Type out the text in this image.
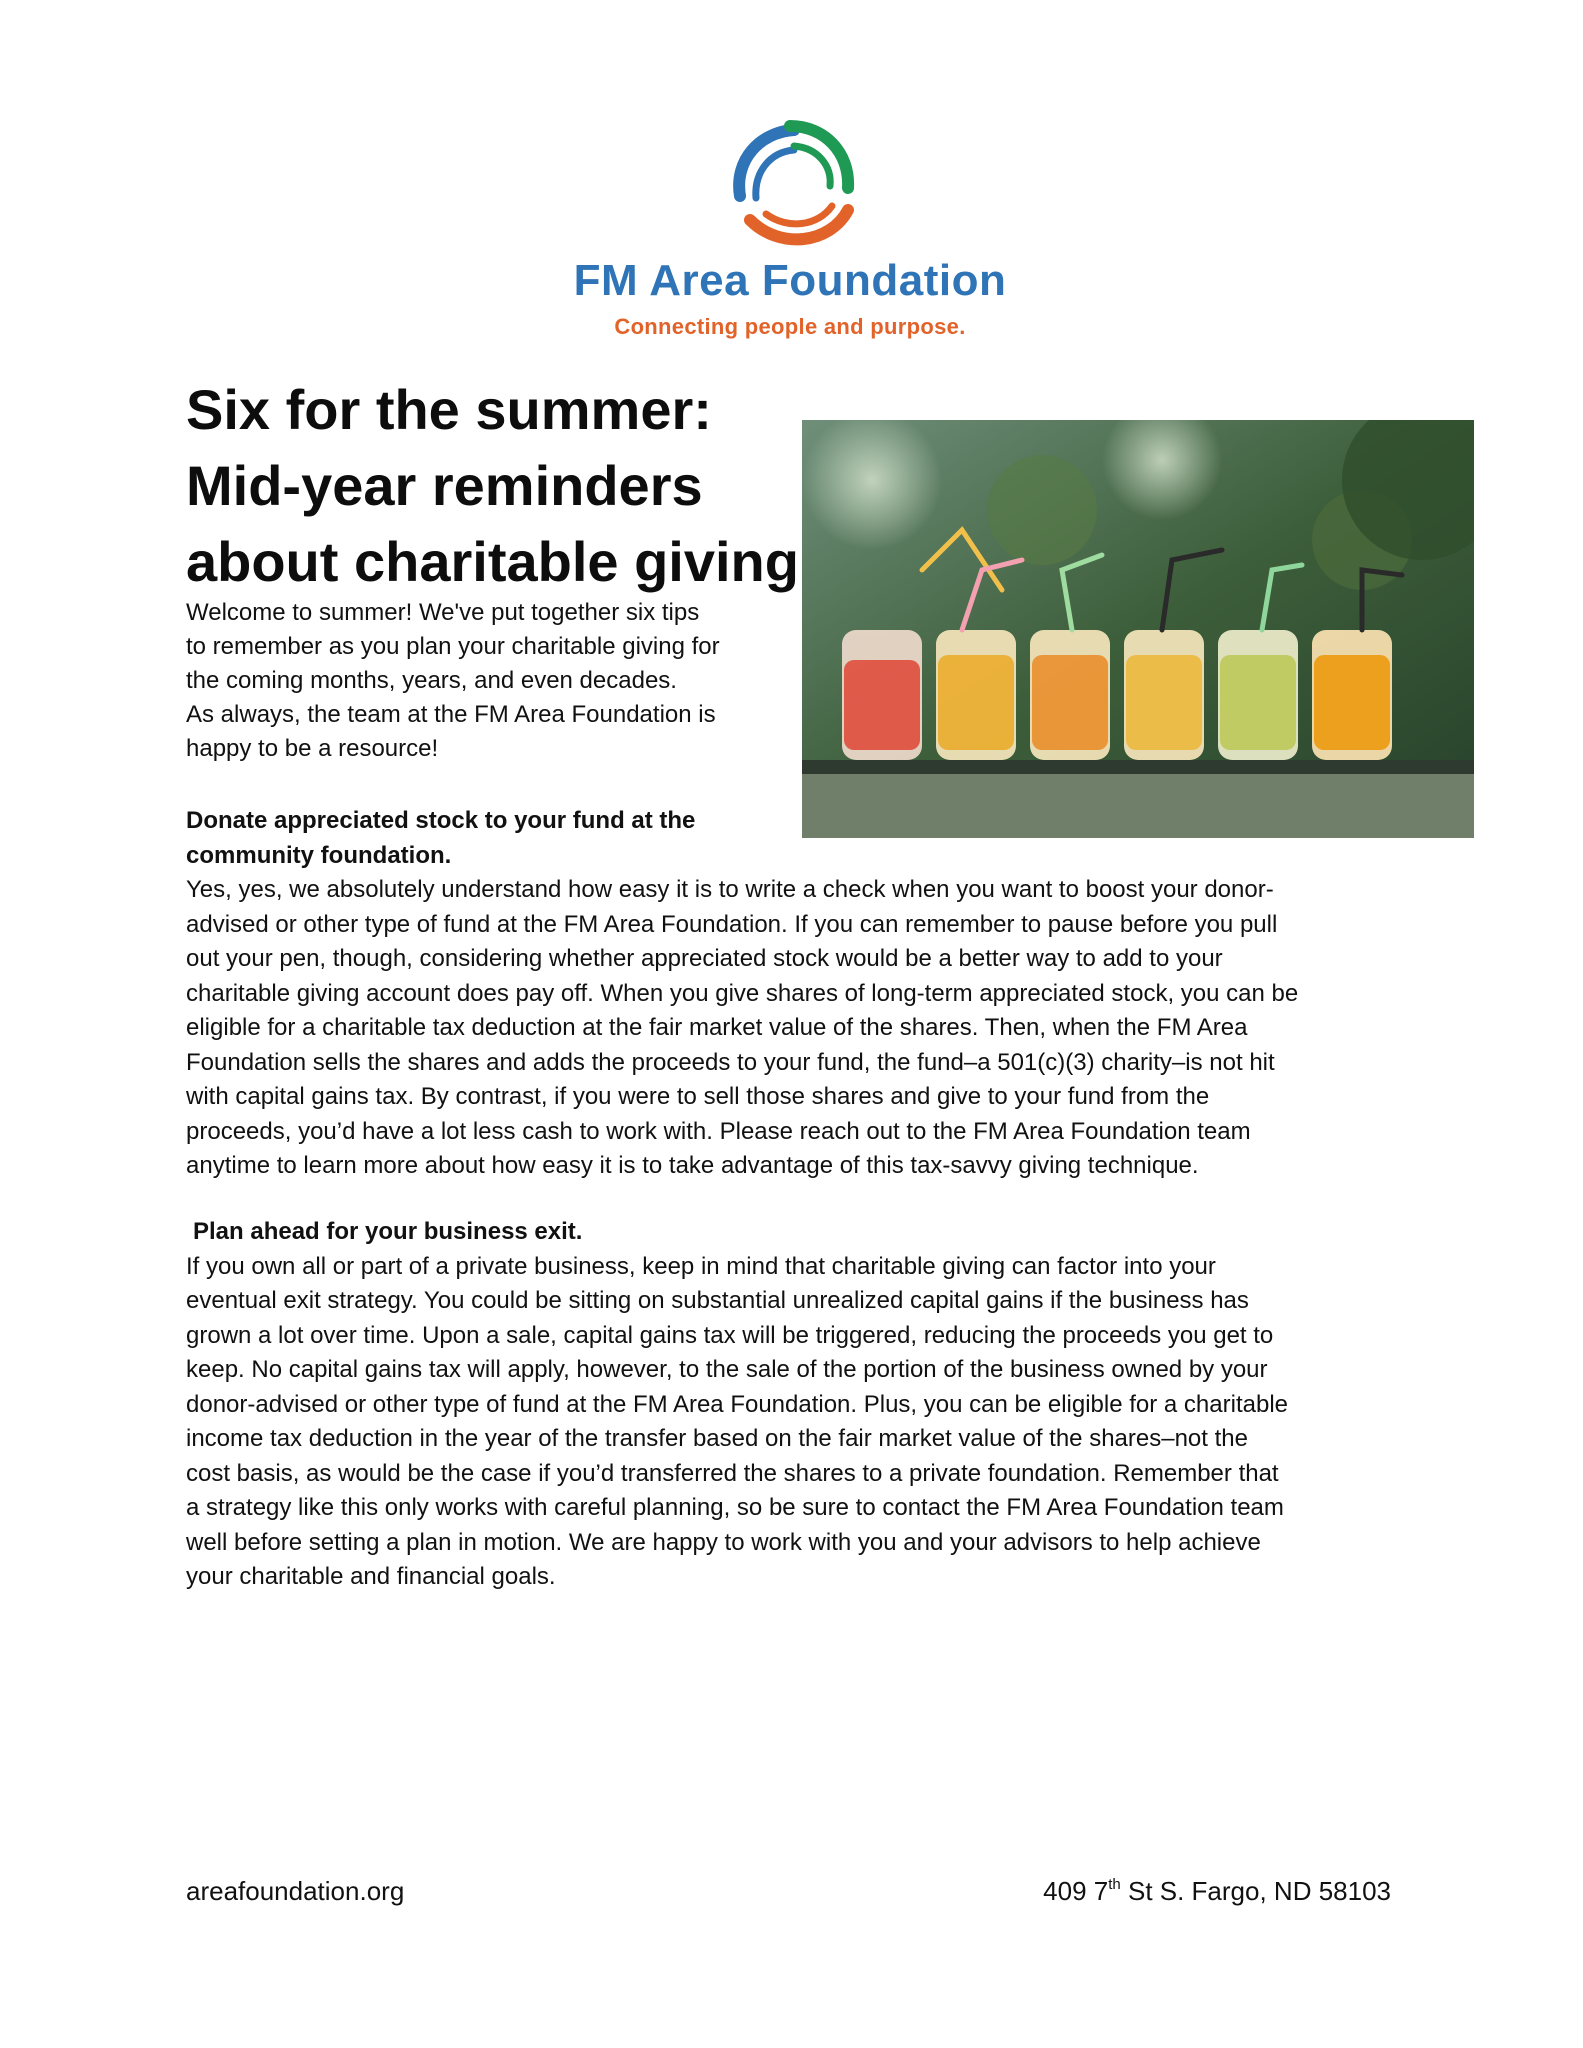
FM Area Foundation
Connecting people and purpose.
Six for the summer:
Mid-year reminders
about charitable giving
Welcome to summer! We've put together six tips
to remember as you plan your charitable giving for
the coming months, years, and even decades.
As always, the team at the FM Area Foundation is
happy to be a resource!
Donate appreciated stock to your fund at the
community foundation.
Yes, yes, we absolutely understand how easy it is to write a check when you want to boost your donor-
advised or other type of fund at the FM Area Foundation. If you can remember to pause before you pull
out your pen, though, considering whether appreciated stock would be a better way to add to your
charitable giving account does pay off. When you give shares of long-term appreciated stock, you can be
eligible for a charitable tax deduction at the fair market value of the shares. Then, when the FM Area
Foundation sells the shares and adds the proceeds to your fund, the fund–a 501(c)(3) charity–is not hit
with capital gains tax. By contrast, if you were to sell those shares and give to your fund from the
proceeds, you’d have a lot less cash to work with. Please reach out to the FM Area Foundation team
anytime to learn more about how easy it is to take advantage of this tax-savvy giving technique.
Plan ahead for your business exit.
If you own all or part of a private business, keep in mind that charitable giving can factor into your
eventual exit strategy. You could be sitting on substantial unrealized capital gains if the business has
grown a lot over time. Upon a sale, capital gains tax will be triggered, reducing the proceeds you get to
keep. No capital gains tax will apply, however, to the sale of the portion of the business owned by your
donor-advised or other type of fund at the FM Area Foundation. Plus, you can be eligible for a charitable
income tax deduction in the year of the transfer based on the fair market value of the shares–not the
cost basis, as would be the case if you’d transferred the shares to a private foundation. Remember that
a strategy like this only works with careful planning, so be sure to contact the FM Area Foundation team
well before setting a plan in motion. We are happy to work with you and your advisors to help achieve
your charitable and financial goals.
areafoundation.org	409 7th St S. Fargo, ND 58103
